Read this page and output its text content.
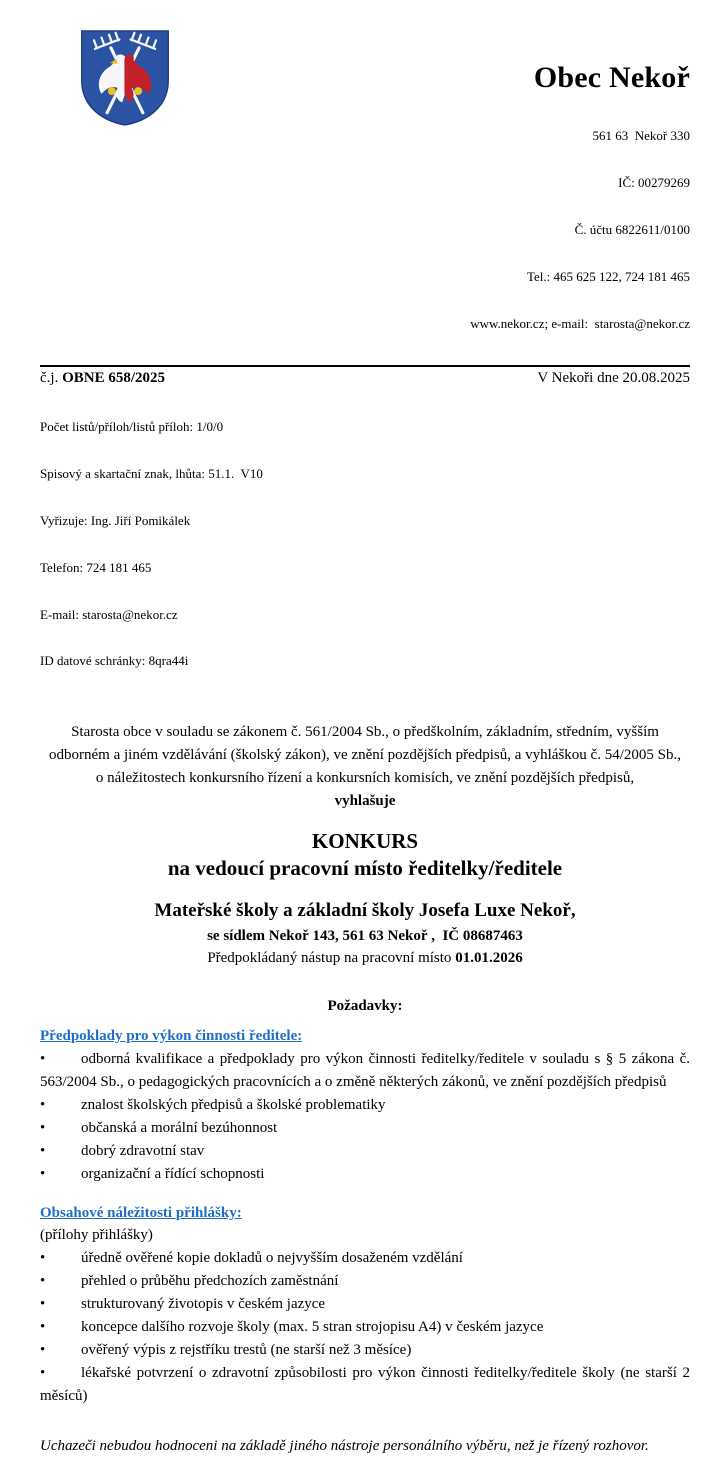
Obec Nekoř

561 63  Nekoř 330

IČ: 00279269

Č. účtu 6822611/0100

Tel.: 465 625 122, 724 181 465

www.nekor.cz; e-mail:  starosta@nekor.cz

č.j. OBNE 658/2025	V Nekoři dne 20.08.2025

Počet listů/příloh/listů příloh: 1/0/0

Spisový a skartační znak, lhůta: 51.1.  V10

Vyřizuje: Ing. Jiří Pomikálek

Telefon: 724 181 465

E-mail: starosta@nekor.cz

ID datové schránky: 8qra44i

Starosta obce v souladu se zákonem č. 561/2004 Sb., o předškolním, základním, středním, vyšším odborném a jiném vzdělávání (školský zákon), ve znění pozdějších předpisů, a vyhláškou č. 54/2005 Sb., o náležitostech konkursního řízení a konkursních komisích, ve znění pozdějších předpisů,

vyhlašuje

KONKURS
na vedoucí pracovní místo ředitelky/ředitele
Mateřské školy a základní školy Josefa Luxe Nekoř,
se sídlem Nekoř 143, 561 63 Nekoř ,  IČ 08687463
Předpokládaný nástup na pracovní místo 01.01.2026
Požadavky:
Předpoklady pro výkon činnosti ředitele:
• odborná kvalifikace a předpoklady pro výkon činnosti ředitelky/ředitele v souladu s § 5 zákona č. 563/2004 Sb., o pedagogických pracovnících a o změně některých zákonů, ve znění pozdějších předpisů
• znalost školských předpisů a školské problematiky
• občanská a morální bezúhonnost
• dobrý zdravotní stav
• organizační a řídící schopnosti
Obsahové náležitosti přihlášky:
(přílohy přihlášky)
• úředně ověřené kopie dokladů o nejvyšším dosaženém vzdělání
• přehled o průběhu předchozích zaměstnání
• strukturovaný životopis v českém jazyce
• koncepce dalšího rozvoje školy (max. 5 stran strojopisu A4) v českém jazyce
• ověřený výpis z rejstříku trestů (ne starší než 3 měsíce)
• lékařské potvrzení o zdravotní způsobilosti pro výkon činnosti ředitelky/ředitele školy (ne starší 2 měsíců)

Uchazeči nebudou hodnoceni na základě jiného nástroje personálního výběru, než je řízený rozhovor.
